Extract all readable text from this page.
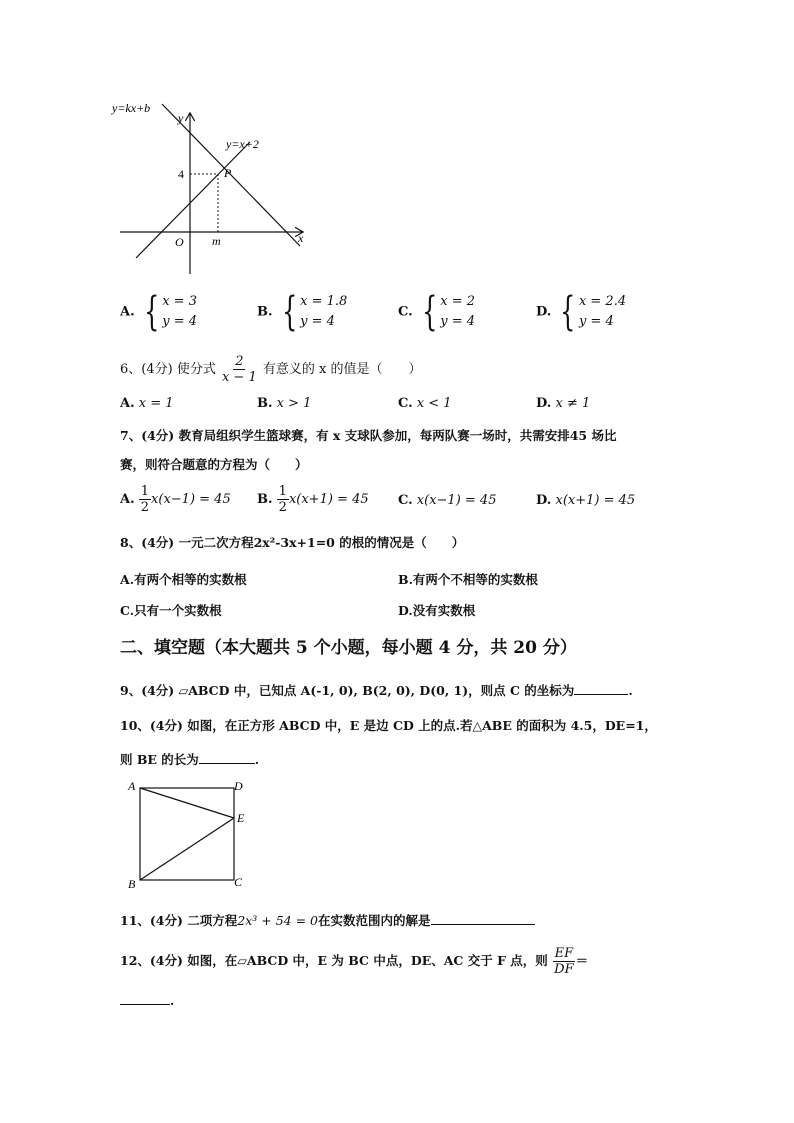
y=kx+b
y=x+2
y
x
O
4
m
P
A. { x = 3
y = 4
B. { x = 1.8
y = 4
C. { x = 2
y = 4
D. { x = 2.4
y = 4
6、(4分) 使分式 $\frac{2}{x - 1}$ 有意义的 x 的值是（　　）
A. x = 1	B. x > 1	C. x < 1	D. x ≠ 1
7、(4分) 教育局组织学生篮球赛，有 x 支球队参加，每两队赛一场时，共需安排45 场比
赛，则符合题意的方程为（　　）
A. $\frac{1}{2} x(x-1) = 45$ B. $\frac{1}{2} x(x+1) = 45$ C. x(x−1) = 45	D. x(x+1) = 45
8、(4分) 一元二次方程2x²-3x+1=0 的根的情况是（　　）
A.有两个相等的实数根	B.有两个不相等的实数根
C.只有一个实数根	D.没有实数根
二、填空题（本大题共 5 个小题，每小题 4 分，共 20 分）
9、(4分) ▱ABCD 中，已知点 A(-1, 0), B(2, 0), D(0, 1)，则点 C 的坐标为	.
10、(4分) 如图，在正方形 ABCD 中，E 是边 CD 上的点.若△ABE 的面积为 4.5，DE=1，
则 BE 的长为	.
A	D
E
B	C
11、(4分) 二项方程2x³ + 54 = 0在实数范围内的解是
12、(4分) 如图，在▱ABCD 中，E 为 BC 中点，DE、AC 交于 F 点，则 $\frac{EF}{DF}$ ＝
.
